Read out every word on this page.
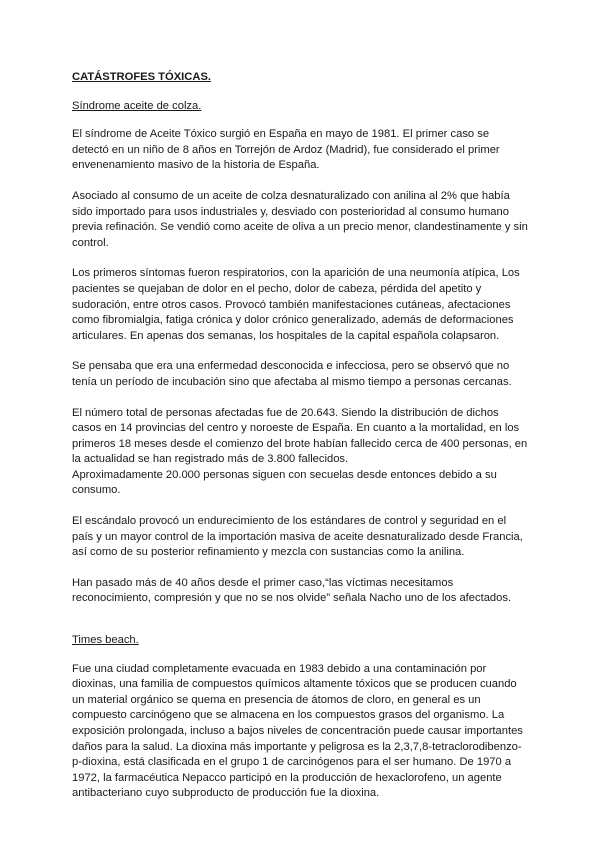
CATÁSTROFES TÓXICAS.
Síndrome aceite de colza.

El síndrome de Aceite Tóxico surgió en España en mayo de 1981. El primer caso se detectó en un niño de 8 años en Torrejón de Ardoz (Madrid), fue considerado el primer envenenamiento masivo de la historia de España.

Asociado al consumo de un aceite de colza desnaturalizado con anilina al 2% que había sido importado para usos industriales y, desviado con posterioridad al consumo humano previa refinación. Se vendió como aceite de oliva a un precio menor, clandestinamente y sin control.

Los primeros síntomas fueron respiratorios, con la aparición de una neumonía atípica, Los pacientes se quejaban de dolor en el pecho, dolor de cabeza, pérdida del apetito y sudoración, entre otros casos. Provocó también manifestaciones cutáneas, afectaciones como fibromialgia, fatiga crónica y dolor crónico generalizado, además de deformaciones articulares. En apenas dos semanas, los hospitales de la capital española colapsaron.

Se pensaba que era una enfermedad desconocida e infecciosa, pero se observó que no tenía un período de incubación sino que afectaba al mismo tiempo a personas cercanas.

El número total de personas afectadas fue de 20.643. Siendo la distribución de dichos casos en 14 provincias del centro y noroeste de España. En cuanto a la mortalidad, en los primeros 18 meses desde el comienzo del brote habían fallecido cerca de 400 personas, en la actualidad se han registrado más de 3.800 fallecidos.

Aproximadamente 20.000 personas siguen con secuelas desde entonces debido a su consumo.

El escándalo provocó un endurecimiento de los estándares de control y seguridad en el país y un mayor control de la importación masiva de aceite desnaturalizado desde Francia, así como de su posterior refinamiento y mezcla con sustancias como la anilina.

Han pasado más de 40 años desde el primer caso,“las víctimas necesitamos reconocimiento, compresión y que no se nos olvide” señala Nacho uno de los afectados.

Times beach.

Fue una ciudad completamente evacuada en 1983 debido a una contaminación por dioxinas, una familia de compuestos químicos altamente tóxicos que se producen cuando un material orgánico se quema en presencia de átomos de cloro, en general es un compuesto carcinógeno que se almacena en los compuestos grasos del organismo. La exposición prolongada, incluso a bajos niveles de concentración puede causar importantes daños para la salud. La dioxina más importante y peligrosa es la 2,3,7,8-tetraclorodibenzo-p-dioxina, está clasificada en el grupo 1 de carcinógenos para el ser humano. De 1970 a 1972, la farmacéutica Nepacco participó en la producción de hexaclorofeno, un agente antibacteriano cuyo subproducto de producción fue la dioxina.
